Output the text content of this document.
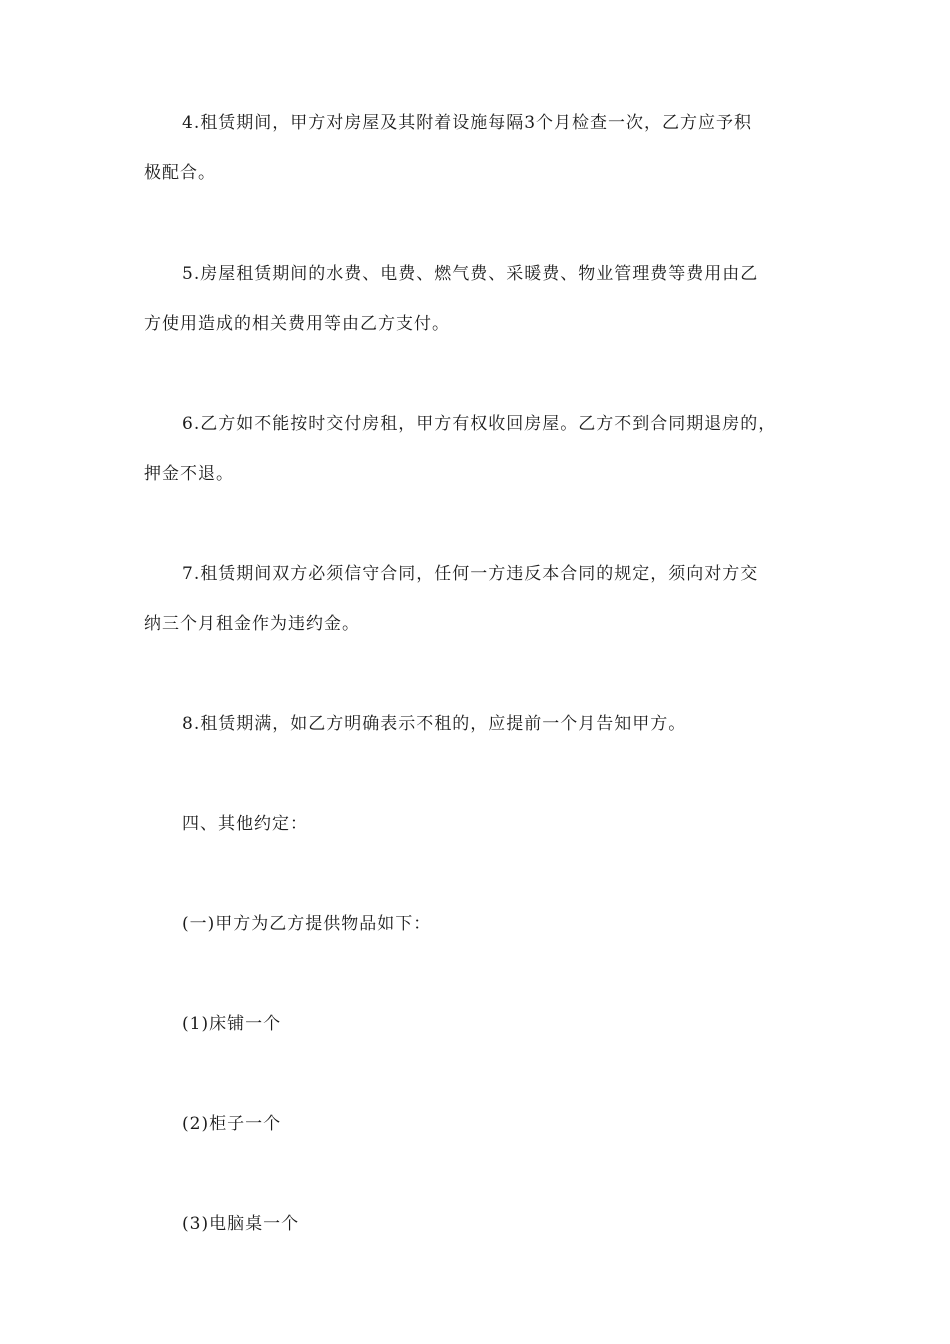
4.租赁期间，甲方对房屋及其附着设施每隔3个月检查一次，乙方应予积
极配合。
5.房屋租赁期间的水费、电费、燃气费、采暖费、物业管理费等费用由乙
方使用造成的相关费用等由乙方支付。
6.乙方如不能按时交付房租，甲方有权收回房屋。乙方不到合同期退房的，
押金不退。
7.租赁期间双方必须信守合同，任何一方违反本合同的规定，须向对方交
纳三个月租金作为违约金。
8.租赁期满，如乙方明确表示不租的，应提前一个月告知甲方。
四、其他约定：
(一)甲方为乙方提供物品如下：
(1)床铺一个
(2)柜子一个
(3)电脑桌一个
